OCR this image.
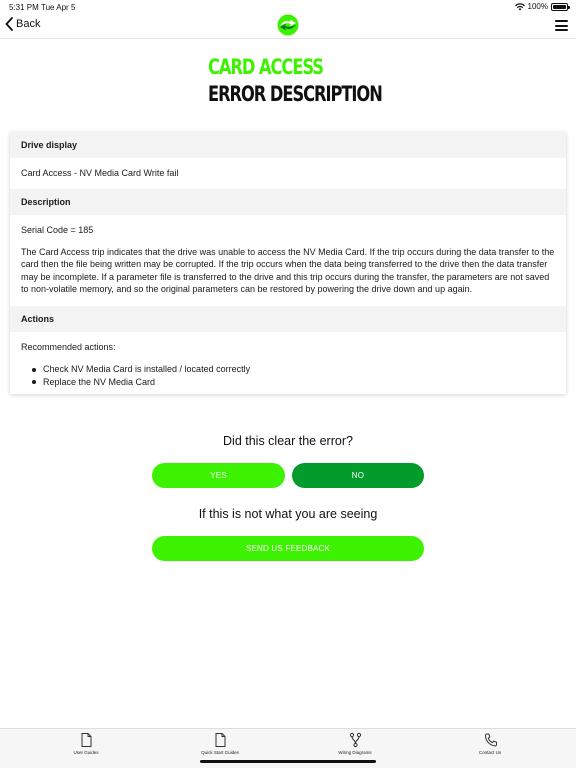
5:31 PM Tue Apr 5	100%
Back
CARD ACCESS
ERROR DESCRIPTION
Drive display
Card Access - NV Media Card Write fail
Description

Serial Code = 185

The Card Access trip indicates that the drive was unable to access the NV Media Card. If the trip occurs during the data transfer to the card then the file being written may be corrupted. If the trip occurs when the data being transferred to the drive then the data transfer may be incomplete. If a parameter file is transferred to the drive and this trip occurs during the transfer, the parameters are not saved to non-volatile memory, and so the original parameters can be restored by powering the drive down and up again.

Actions

Recommended actions:

Check NV Media Card is installed / located correctly
Replace the NV Media Card
Did this clear the error?
YES	NO
If this is not what you are seeing
SEND US FEEDBACK
User Guides	Quick Start Guides	Wiring Diagrams	Contact Us
